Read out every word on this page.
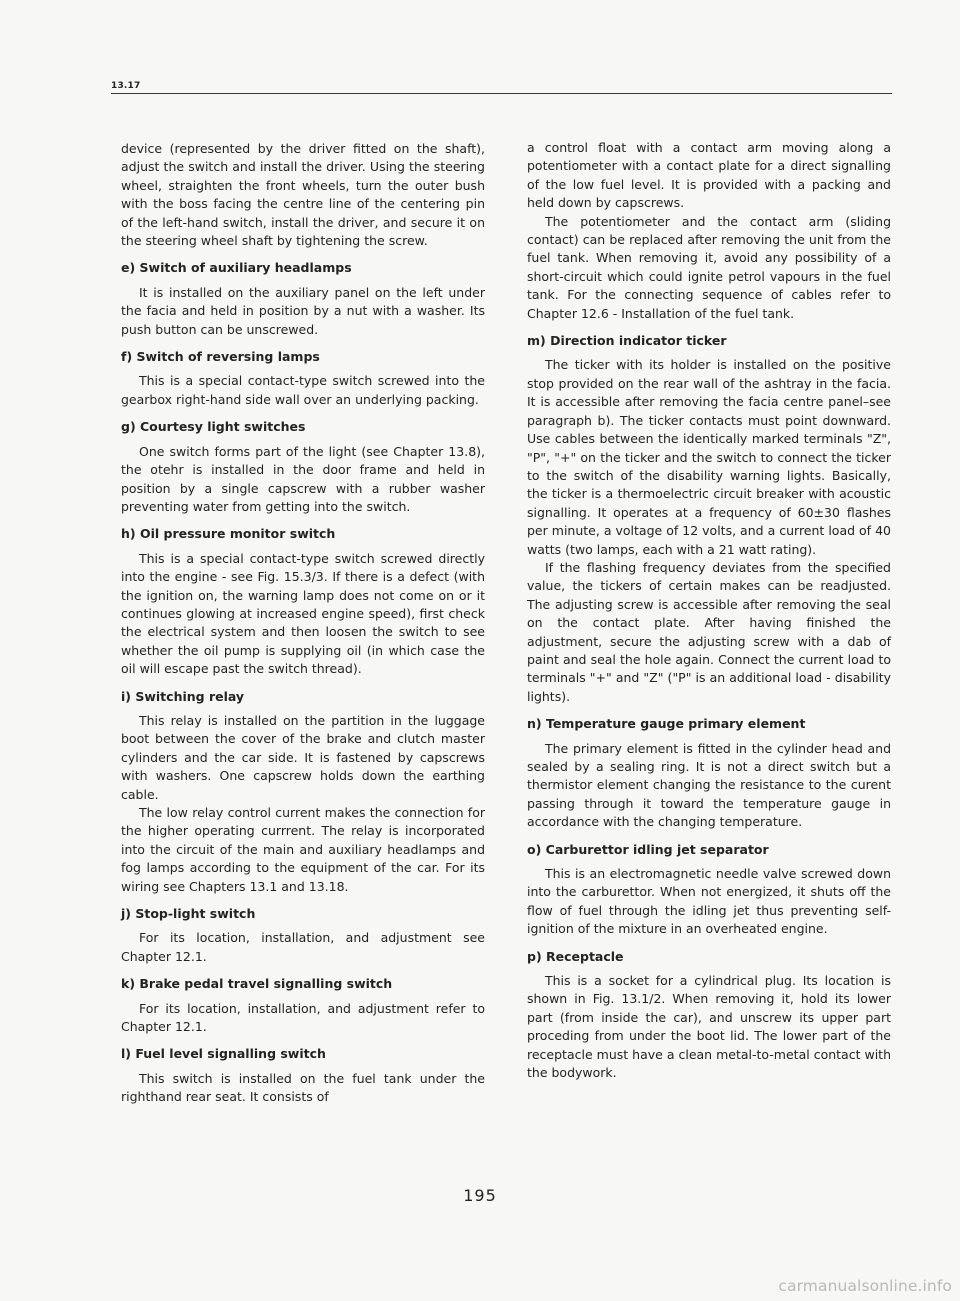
13.17

device (represented by the driver fitted on the shaft), adjust the switch and install the driver. Using the steering wheel, straighten the front wheels, turn the outer bush with the boss facing the centre line of the centering pin of the left-hand switch, install the driver, and secure it on the steering wheel shaft by tightening the screw.

e) Switch of auxiliary headlamps

It is installed on the auxiliary panel on the left under the facia and held in position by a nut with a washer. Its push button can be unscrewed.

f) Switch of reversing lamps

This is a special contact-type switch screwed into the gearbox right-hand side wall over an underlying packing.

g) Courtesy light switches

One switch forms part of the light (see Chapter 13.8), the otehr is installed in the door frame and held in position by a single capscrew with a rubber washer preventing water from getting into the switch.

h) Oil pressure monitor switch

This is a special contact-type switch screwed directly into the engine - see Fig. 15.3/3. If there is a defect (with the ignition on, the warning lamp does not come on or it continues glowing at increased engine speed), first check the electrical system and then loosen the switch to see whether the oil pump is supplying oil (in which case the oil will escape past the switch thread).

i) Switching relay

This relay is installed on the partition in the luggage boot between the cover of the brake and clutch master cylinders and the car side. It is fastened by capscrews with washers. One capscrew holds down the earthing cable.

The low relay control current makes the connection for the higher operating currrent. The relay is incorporated into the circuit of the main and auxiliary headlamps and fog lamps according to the equipment of the car. For its wiring see Chapters 13.1 and 13.18.

j) Stop-light switch

For its location, installation, and adjustment see Chapter 12.1.

k) Brake pedal travel signalling switch

For its location, installation, and adjustment refer to Chapter 12.1.

l) Fuel level signalling switch

This switch is installed on the fuel tank under the righthand rear seat. It consists of

a control float with a contact arm moving along a potentiometer with a contact plate for a direct signalling of the low fuel level. It is provided with a packing and held down by capscrews.

The potentiometer and the contact arm (sliding contact) can be replaced after removing the unit from the fuel tank. When removing it, avoid any possibility of a short-circuit which could ignite petrol vapours in the fuel tank. For the connecting sequence of cables refer to Chapter 12.6 - Installation of the fuel tank.

m) Direction indicator ticker

The ticker with its holder is installed on the positive stop provided on the rear wall of the ashtray in the facia. It is accessible after removing the facia centre panel–see paragraph b). The ticker contacts must point downward. Use cables between the identically marked terminals "Z", "P", "+" on the ticker and the switch to connect the ticker to the switch of the disability warning lights. Basically, the ticker is a thermoelectric circuit breaker with acoustic signalling. It operates at a frequency of 60±30 flashes per minute, a voltage of 12 volts, and a current load of 40 watts (two lamps, each with a 21 watt rating).

If the flashing frequency deviates from the specified value, the tickers of certain makes can be readjusted. The adjusting screw is accessible after removing the seal on the contact plate. After having finished the adjustment, secure the adjusting screw with a dab of paint and seal the hole again. Connect the current load to terminals "+" and "Z" ("P" is an additional load - disability lights).

n) Temperature gauge primary element

The primary element is fitted in the cylinder head and sealed by a sealing ring. It is not a direct switch but a thermistor element changing the resistance to the curent passing through it toward the temperature gauge in accordance with the changing temperature.

o) Carburettor idling jet separator

This is an electromagnetic needle valve screwed down into the carburettor. When not energized, it shuts off the flow of fuel through the idling jet thus preventing self-ignition of the mixture in an overheated engine.

p) Receptacle

This is a socket for a cylindrical plug. Its location is shown in Fig. 13.1/2. When removing it, hold its lower part (from inside the car), and unscrew its upper part proceding from under the boot lid. The lower part of the receptacle must have a clean metal-to-metal contact with the bodywork.

195
carmanualsonline.info
